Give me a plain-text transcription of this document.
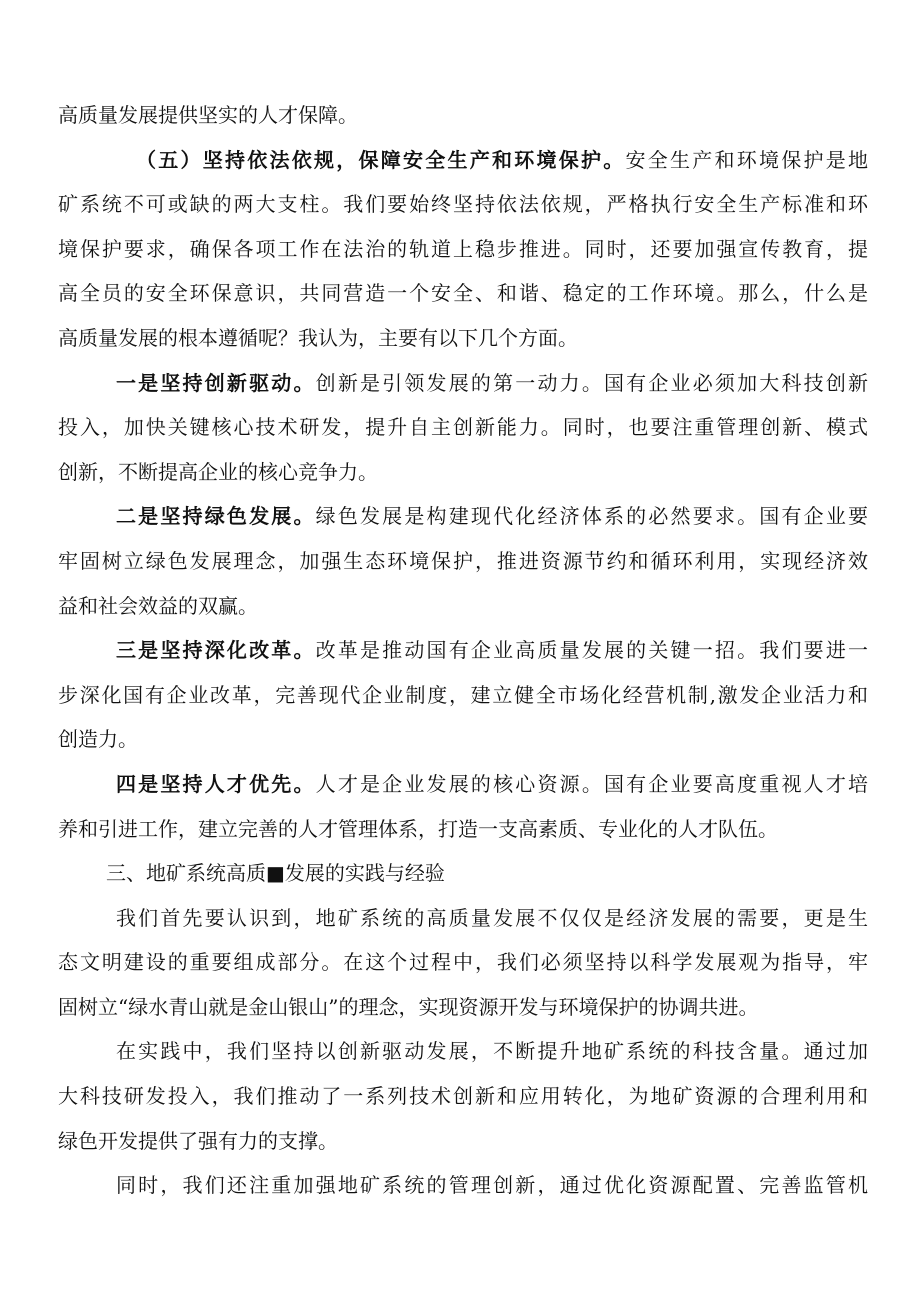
高质量发展提供坚实的人才保障。
（五）坚持依法依规，保障安全生产和环境保护。安全生产和环境保护是地
矿系统不可或缺的两大支柱。我们要始终坚持依法依规，严格执行安全生产标准和环
境保护要求，确保各项工作在法治的轨道上稳步推进。同时，还要加强宣传教育，提
高全员的安全环保意识，共同营造一个安全、和谐、稳定的工作环境。那么，什么是
高质量发展的根本遵循呢？我认为，主要有以下几个方面。
一是坚持创新驱动。创新是引领发展的第一动力。国有企业必须加大科技创新
投入，加快关键核心技术研发，提升自主创新能力。同时，也要注重管理创新、模式
创新，不断提高企业的核心竞争力。
二是坚持绿色发展。绿色发展是构建现代化经济体系的必然要求。国有企业要
牢固树立绿色发展理念，加强生态环境保护，推进资源节约和循环利用，实现经济效
益和社会效益的双赢。
三是坚持深化改革。改革是推动国有企业高质量发展的关键一招。我们要进一
步深化国有企业改革，完善现代企业制度，建立健全市场化经营机制,激发企业活力和
创造力。
四是坚持人才优先。人才是企业发展的核心资源。国有企业要高度重视人才培
养和引进工作，建立完善的人才管理体系，打造一支高素质、专业化的人才队伍。
三、地矿系统高质■发展的实践与经验
我们首先要认识到，地矿系统的高质量发展不仅仅是经济发展的需要，更是生
态文明建设的重要组成部分。在这个过程中，我们必须坚持以科学发展观为指导，牢
固树立“绿水青山就是金山银山”的理念，实现资源开发与环境保护的协调共进。
在实践中，我们坚持以创新驱动发展，不断提升地矿系统的科技含量。通过加
大科技研发投入，我们推动了一系列技术创新和应用转化，为地矿资源的合理利用和
绿色开发提供了强有力的支撑。
同时，我们还注重加强地矿系统的管理创新，通过优化资源配置、完善监管机
